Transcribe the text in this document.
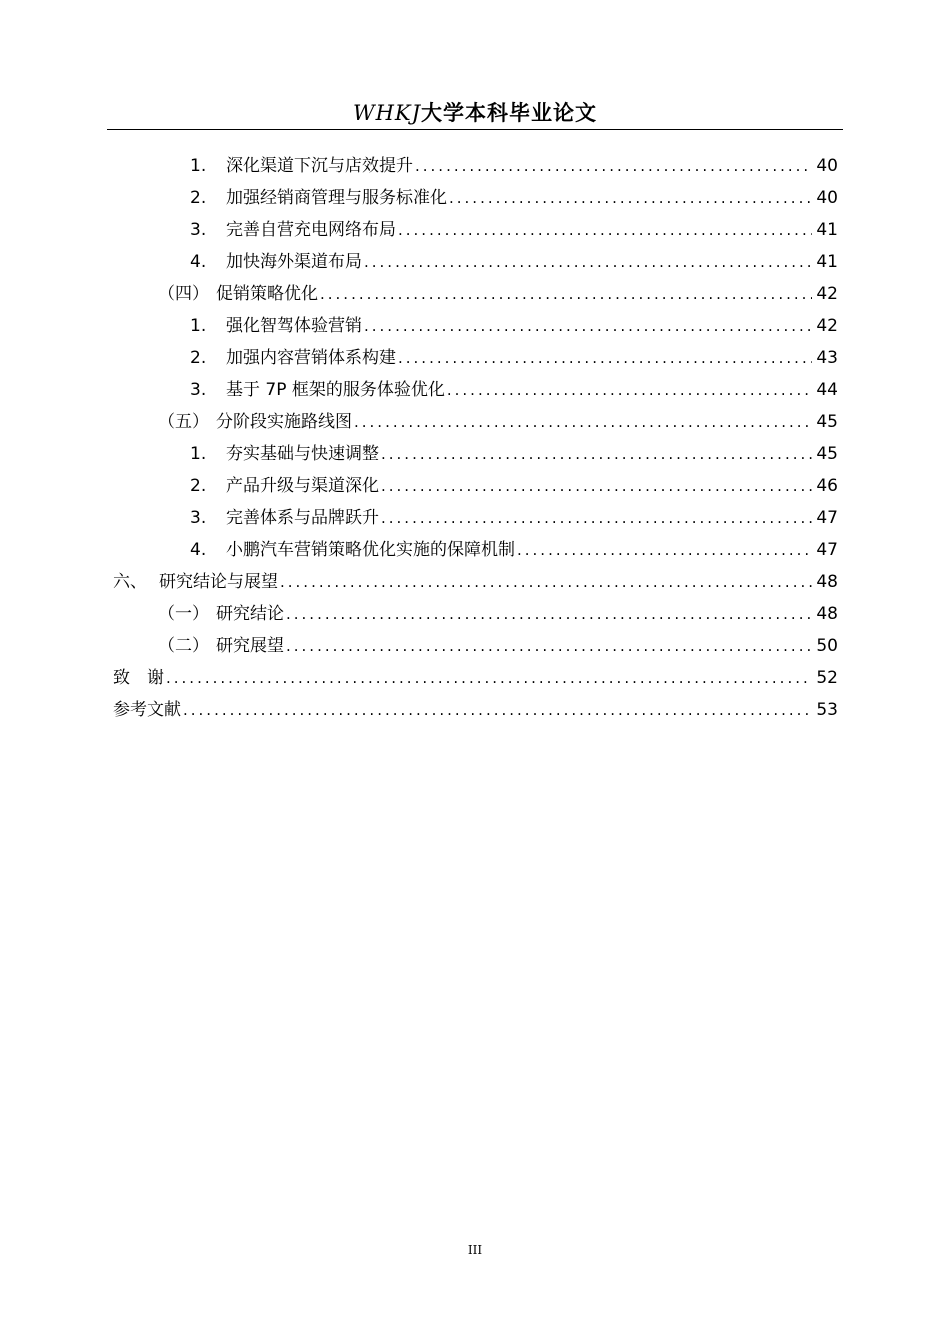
WHKJ大学本科毕业论文
1.	深化渠道下沉与店效提升 .....	40
2.	加强经销商管理与服务标准化 .....	40
3.	完善自营充电网络布局 .....	41
4.	加快海外渠道布局 .....	41
（四） 促销策略优化 .....	42
1.	强化智驾体验营销 .....	42
2.	加强内容营销体系构建 .....	43
3.	基于 7P 框架的服务体验优化 .....	44
（五） 分阶段实施路线图 .....	45
1.	夯实基础与快速调整 .....	45
2.	产品升级与渠道深化 .....	46
3.	完善体系与品牌跃升 .....	47
4.	小鹏汽车营销策略优化实施的保障机制 .....	47
六、 研究结论与展望 .....	48
（一） 研究结论 .....	48
（二） 研究展望 .....	50
致　谢 .....	52
参考文献 .....	53
III
